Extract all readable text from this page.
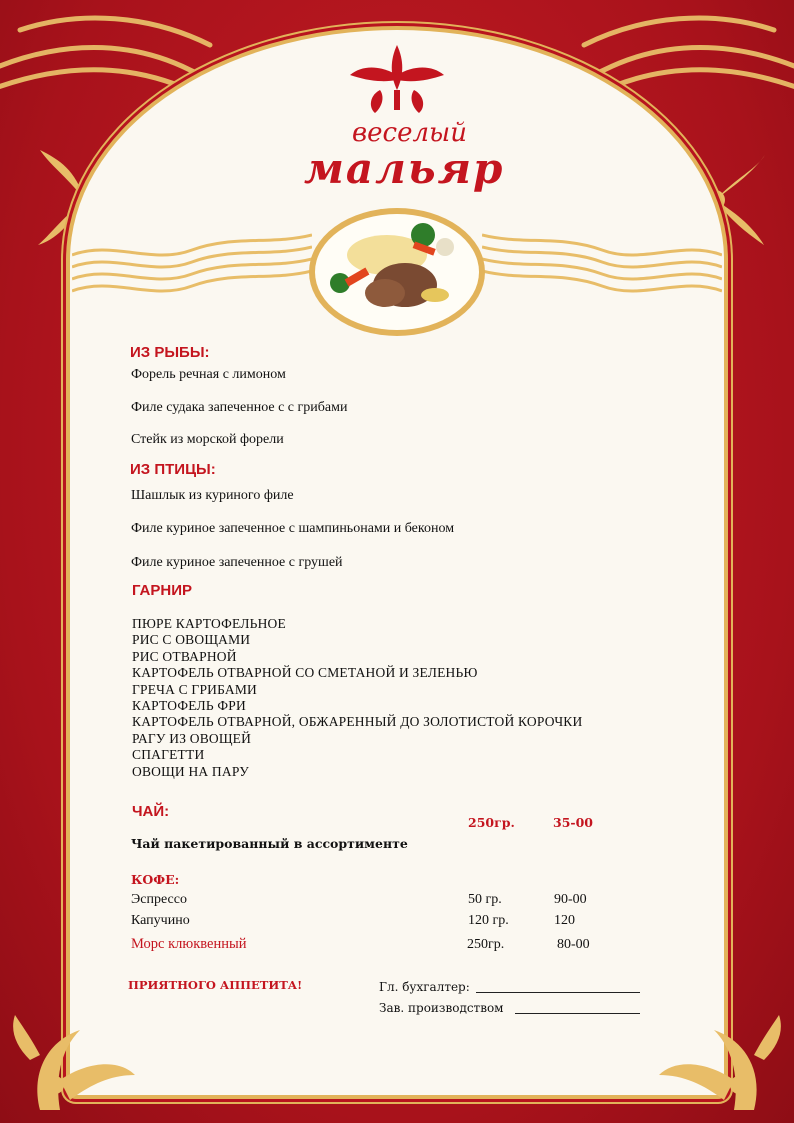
веселый
мальяр
ИЗ РЫБЫ:
Форель речная с лимоном
Филе судака запеченное с с грибами
Стейк из морской форели
ИЗ ПТИЦЫ:
Шашлык из куриного филе
Филе куриное запеченное с шампиньонами и беконом
Филе куриное запеченное с грушей
ГАРНИР
ПЮРЕ КАРТОФЕЛЬНОЕ
РИС С ОВОЩАМИ
РИС ОТВАРНОЙ
КАРТОФЕЛЬ ОТВАРНОЙ СО СМЕТАНОЙ И ЗЕЛЕНЬЮ
ГРЕЧА С ГРИБАМИ
КАРТОФЕЛЬ ФРИ
КАРТОФЕЛЬ ОТВАРНОЙ, ОБЖАРЕННЫЙ ДО ЗОЛОТИСТОЙ КОРОЧКИ
РАГУ ИЗ ОВОЩЕЙ
СПАГЕТТИ
ОВОЩИ НА ПАРУ
ЧАЙ:
250гр.	35-00
Чай пакетированный в ассортименте
КОФЕ:
Эспрессо	50 гр.	90-00
Капучино	120 гр.	120
Морс клюквенный	250гр.	80-00
ПРИЯТНОГО АППЕТИТА!	Гл. бухгалтер:
Зав. производством
